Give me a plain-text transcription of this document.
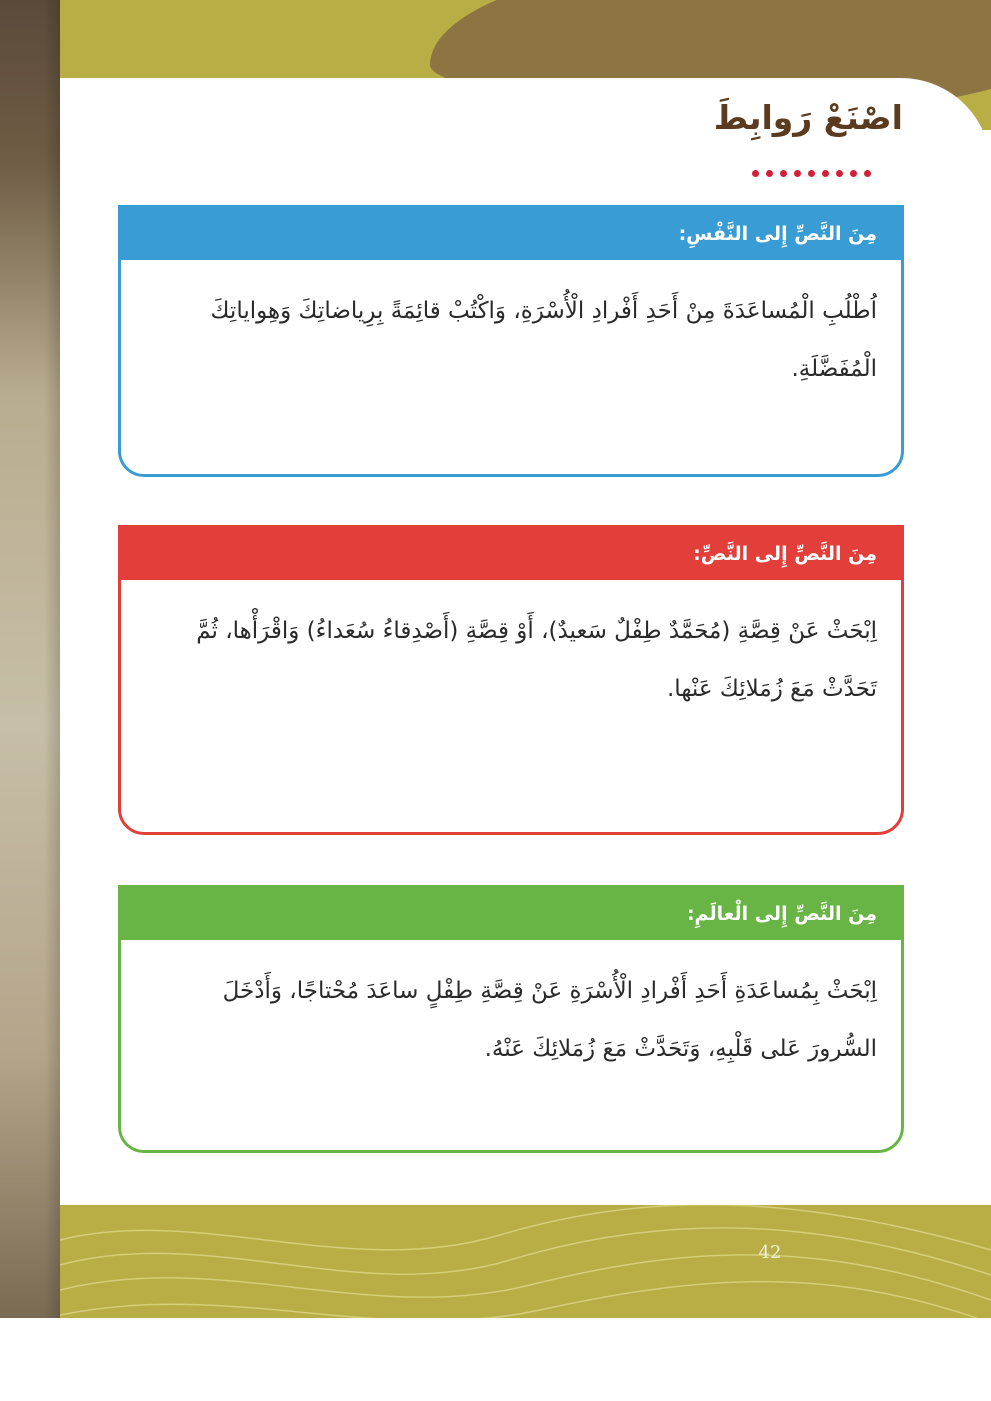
42
اصْنَعْ رَوابِطَ
مِنَ النَّصِّ إِلى النَّفْسِ:
اُطْلُبِ الْمُساعَدَةَ مِنْ أَحَدِ أَفْرادِ الْأُسْرَةِ، وَاكْتُبْ قائِمَةً بِرِياضاتِكَ وَهِواياتِكَ الْمُفَضَّلَةِ.
مِنَ النَّصِّ إِلى النَّصِّ:
اِبْحَثْ عَنْ قِصَّةِ (مُحَمَّدٌ طِفْلٌ سَعيدٌ)، أَوْ قِصَّةِ (أَصْدِقاءُ سُعَداءُ) وَاقْرَأْها، ثُمَّ تَحَدَّثْ مَعَ زُمَلائِكَ عَنْها.
مِنَ النَّصِّ إِلى الْعالَمِ:
اِبْحَثْ بِمُساعَدَةِ أَحَدِ أَفْرادِ الْأُسْرَةِ عَنْ قِصَّةِ طِفْلٍ ساعَدَ مُحْتاجًا، وَأَدْخَلَ السُّرورَ عَلى قَلْبِهِ، وَتَحَدَّثْ مَعَ زُمَلائِكَ عَنْهُ.
